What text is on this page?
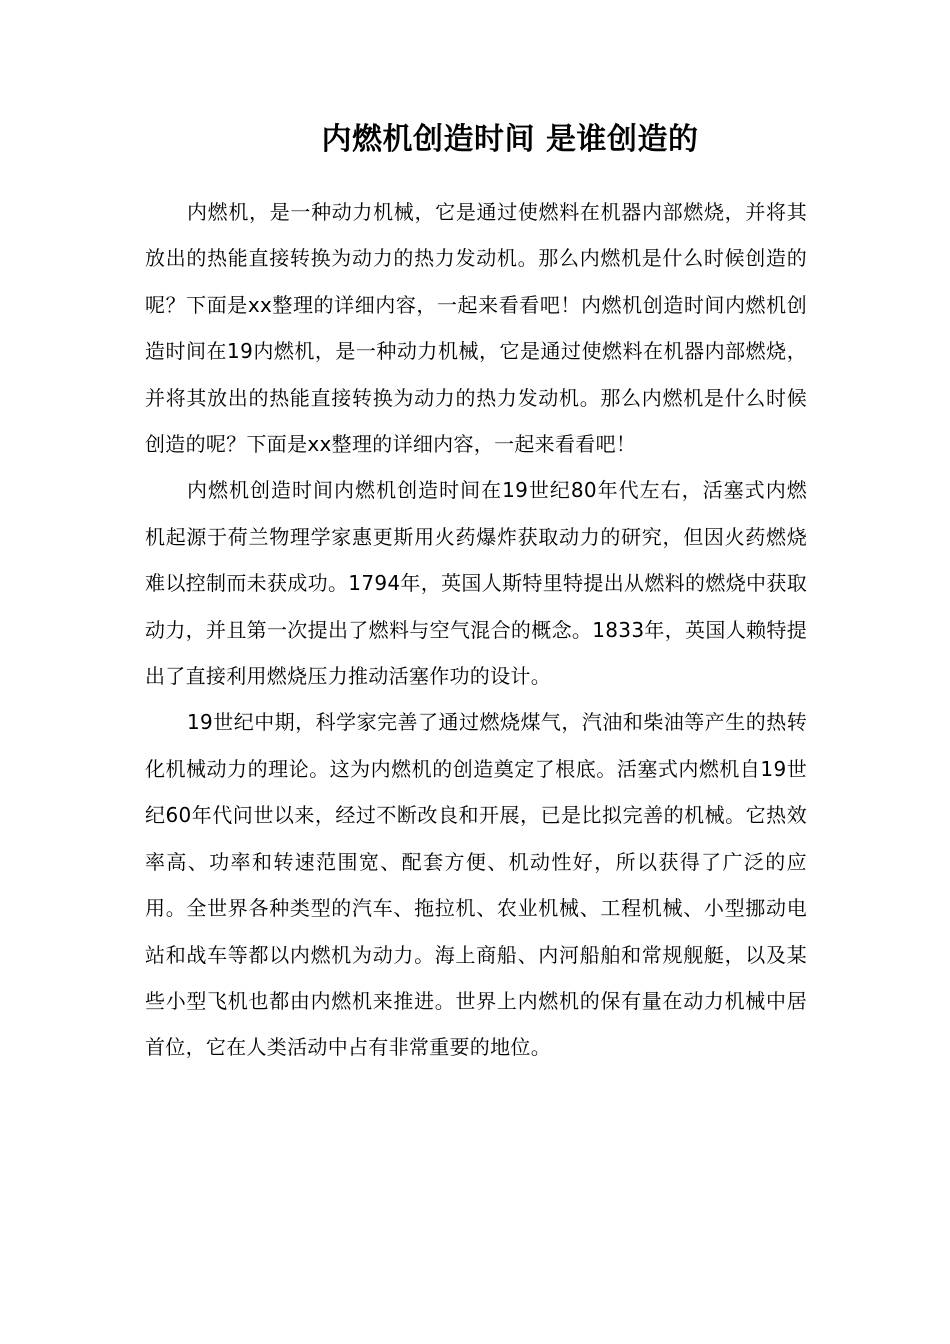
内燃机创造时间 是谁创造的

内燃机，是一种动力机械，它是通过使燃料在机器内部燃烧，并将其放出的热能直接转换为动力的热力发动机。那么内燃机是什么时候创造的呢？下面是xx整理的详细内容，一起来看看吧！内燃机创造时间内燃机创造时间在19内燃机，是一种动力机械，它是通过使燃料在机器内部燃烧，并将其放出的热能直接转换为动力的热力发动机。那么内燃机是什么时候创造的呢？下面是xx整理的详细内容，一起来看看吧！

内燃机创造时间内燃机创造时间在19世纪80年代左右，活塞式内燃机起源于荷兰物理学家惠更斯用火药爆炸获取动力的研究，但因火药燃烧难以控制而未获成功。1794年，英国人斯特里特提出从燃料的燃烧中获取动力，并且第一次提出了燃料与空气混合的概念。1833年，英国人赖特提出了直接利用燃烧压力推动活塞作功的设计。

19世纪中期，科学家完善了通过燃烧煤气，汽油和柴油等产生的热转化机械动力的理论。这为内燃机的创造奠定了根底。活塞式内燃机自19世纪60年代问世以来，经过不断改良和开展，已是比拟完善的机械。它热效率高、功率和转速范围宽、配套方便、机动性好，所以获得了广泛的应用。全世界各种类型的汽车、拖拉机、农业机械、工程机械、小型挪动电站和战车等都以内燃机为动力。海上商船、内河船舶和常规舰艇，以及某些小型飞机也都由内燃机来推进。世界上内燃机的保有量在动力机械中居首位，它在人类活动中占有非常重要的地位。
